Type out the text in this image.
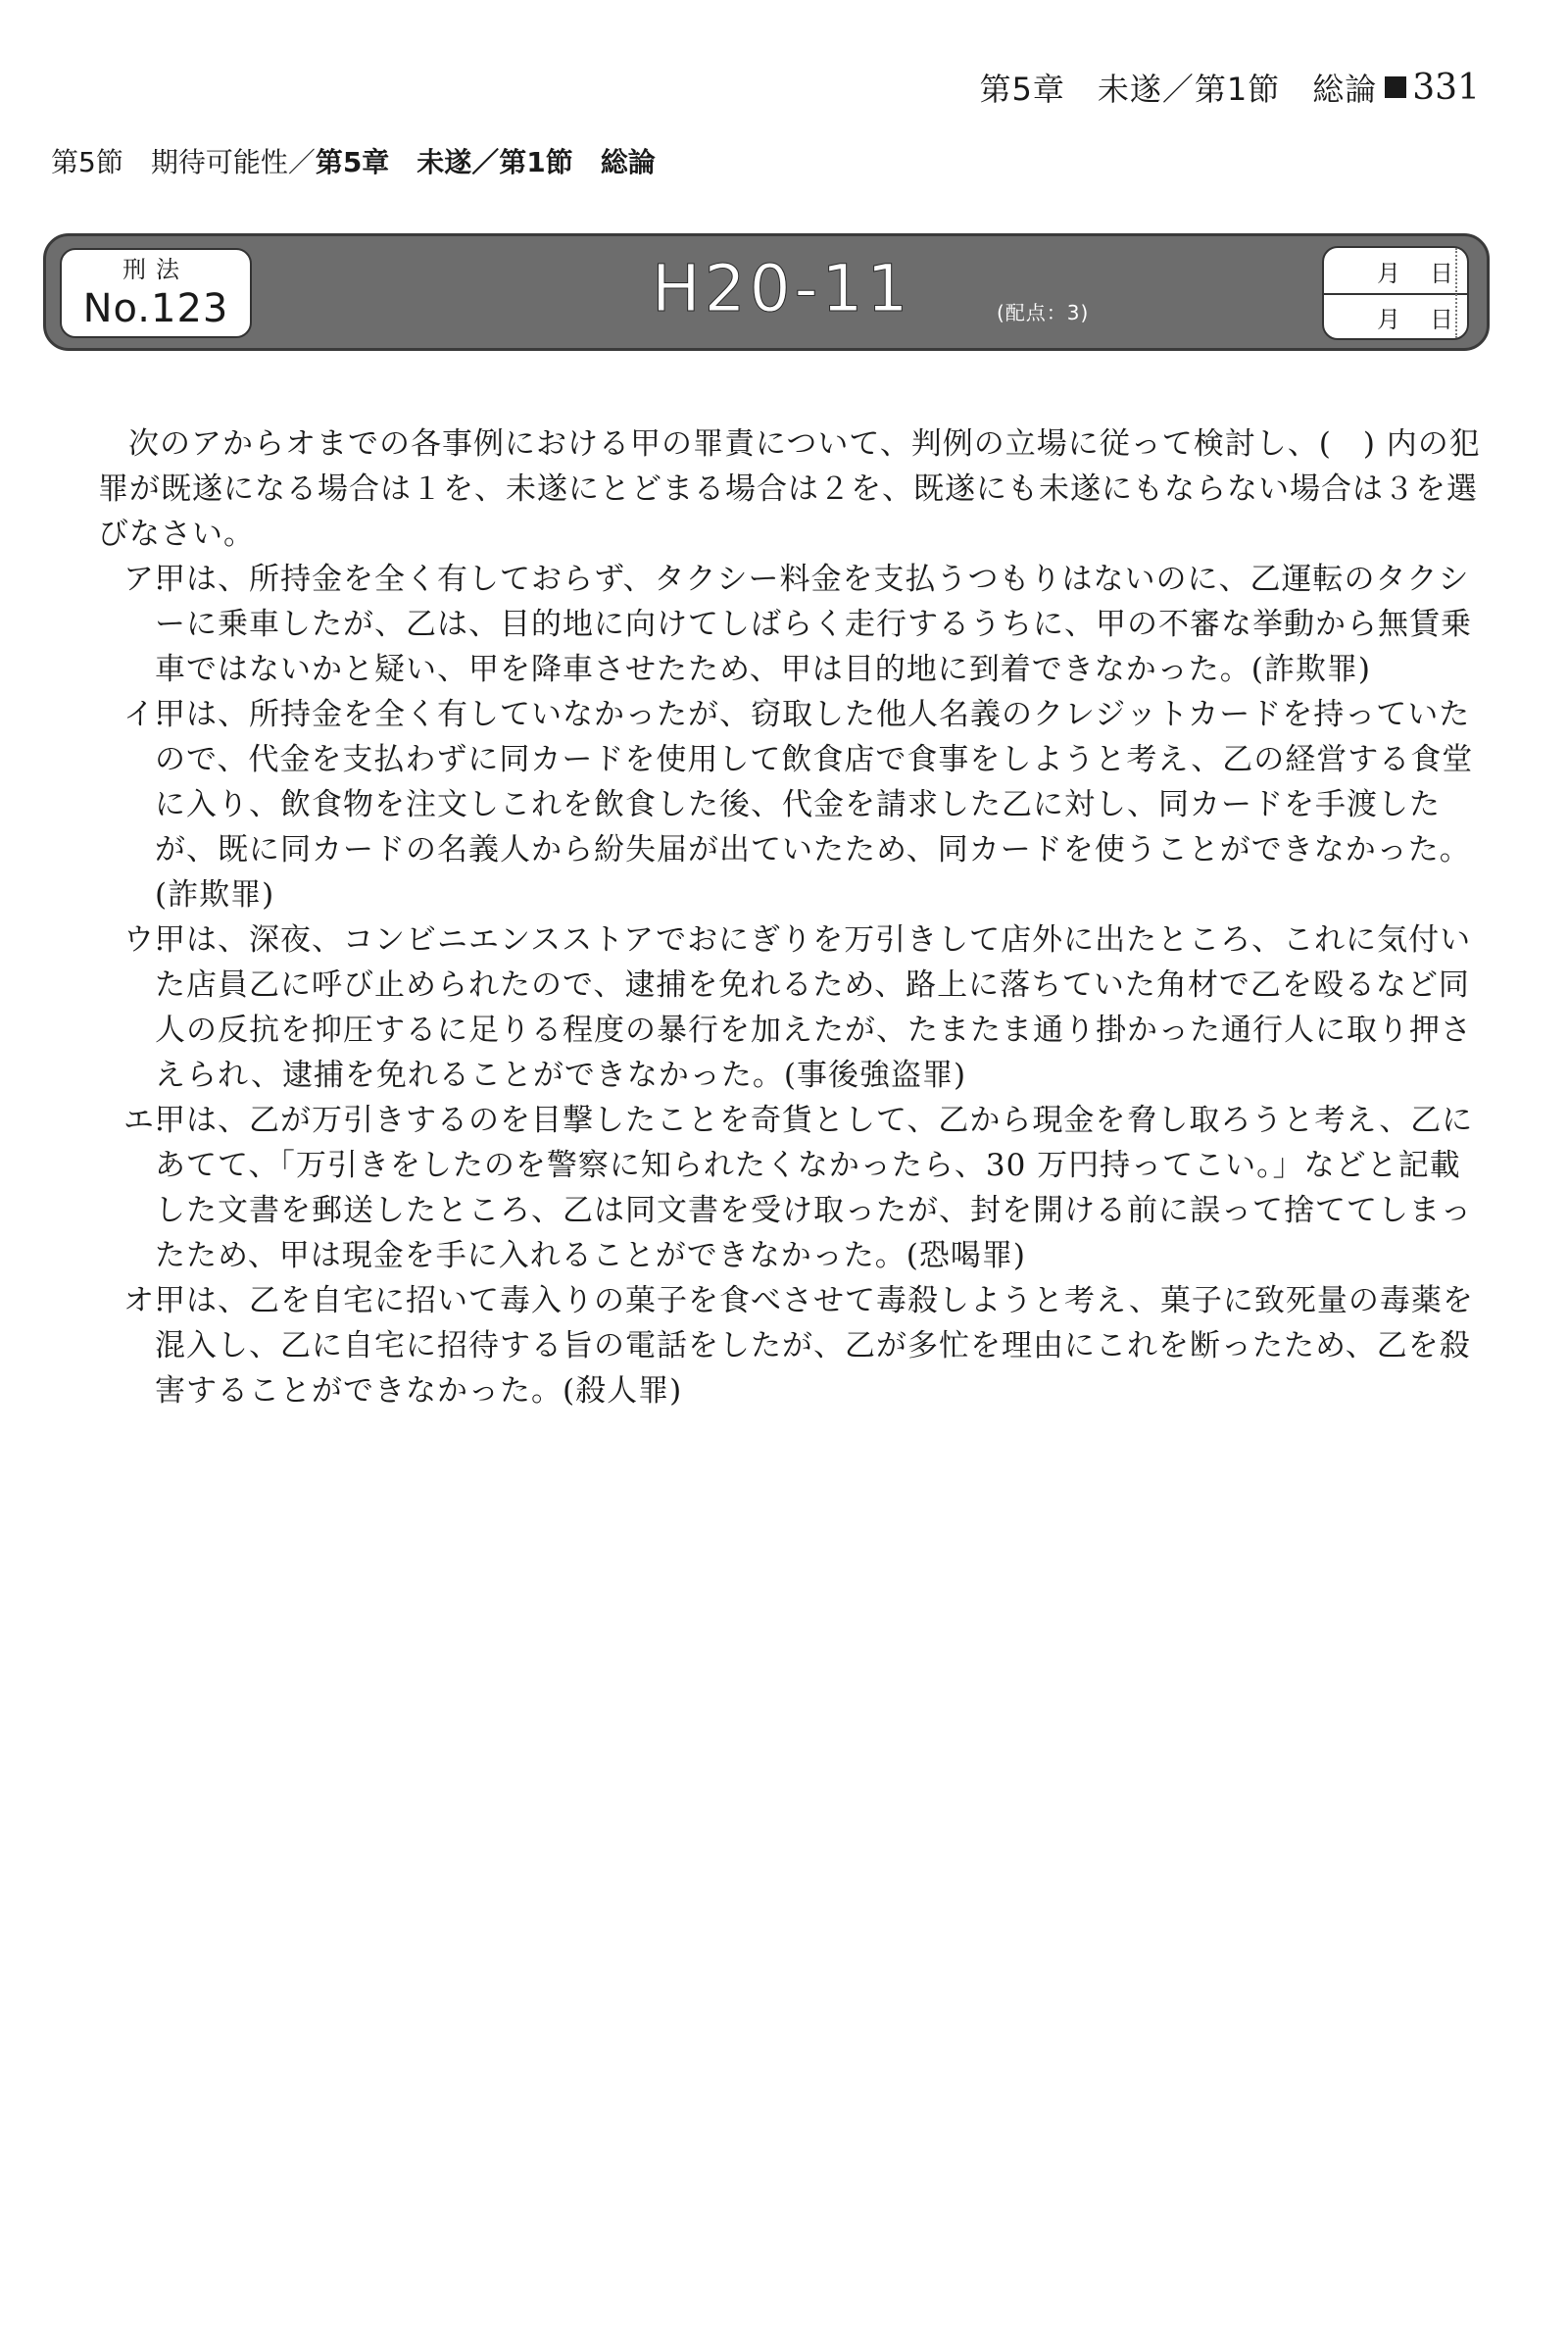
第5章　未遂／第1節　総論 331
第5節　期待可能性／ 第5章　未遂／第1節　総論
刑法
No.123	H20-11	(配点：3)
月 日
月 日

次のアからオまでの各事例における甲の罪責について、判例の立場に従って検討し、(　) 内の犯罪が既遂になる場合は１を、未遂にとどまる場合は２を、既遂にも未遂にもならない場合は３を選びなさい。

ア.
甲は、所持金を全く有しておらず、タクシー料金を支払うつもりはないのに、乙運転のタクシーに乗車したが、乙は、目的地に向けてしばらく走行するうちに、甲の不審な挙動から無賃乗車ではないかと疑い、甲を降車させたため、甲は目的地に到着できなかった。(詐欺罪)
イ.
甲は、所持金を全く有していなかったが、窃取した他人名義のクレジットカードを持っていたので、代金を支払わずに同カードを使用して飲食店で食事をしようと考え、乙の経営する食堂に入り、飲食物を注文しこれを飲食した後、代金を請求した乙に対し、同カードを手渡したが、既に同カードの名義人から紛失届が出ていたため、同カードを使うことができなかった。(詐欺罪)
ウ.
甲は、深夜、コンビニエンスストアでおにぎりを万引きして店外に出たところ、これに気付いた店員乙に呼び止められたので、逮捕を免れるため、路上に落ちていた角材で乙を殴るなど同人の反抗を抑圧するに足りる程度の暴行を加えたが、たまたま通り掛かった通行人に取り押さえられ、逮捕を免れることができなかった。(事後強盗罪)
エ.
甲は、乙が万引きするのを目撃したことを奇貨として、乙から現金を脅し取ろうと考え、乙にあてて、「万引きをしたのを警察に知られたくなかったら、30 万円持ってこい。」などと記載した文書を郵送したところ、乙は同文書を受け取ったが、封を開ける前に誤って捨ててしまったため、甲は現金を手に入れることができなかった。(恐喝罪)
オ.
甲は、乙を自宅に招いて毒入りの菓子を食べさせて毒殺しようと考え、菓子に致死量の毒薬を混入し、乙に自宅に招待する旨の電話をしたが、乙が多忙を理由にこれを断ったため、乙を殺害することができなかった。(殺人罪)
